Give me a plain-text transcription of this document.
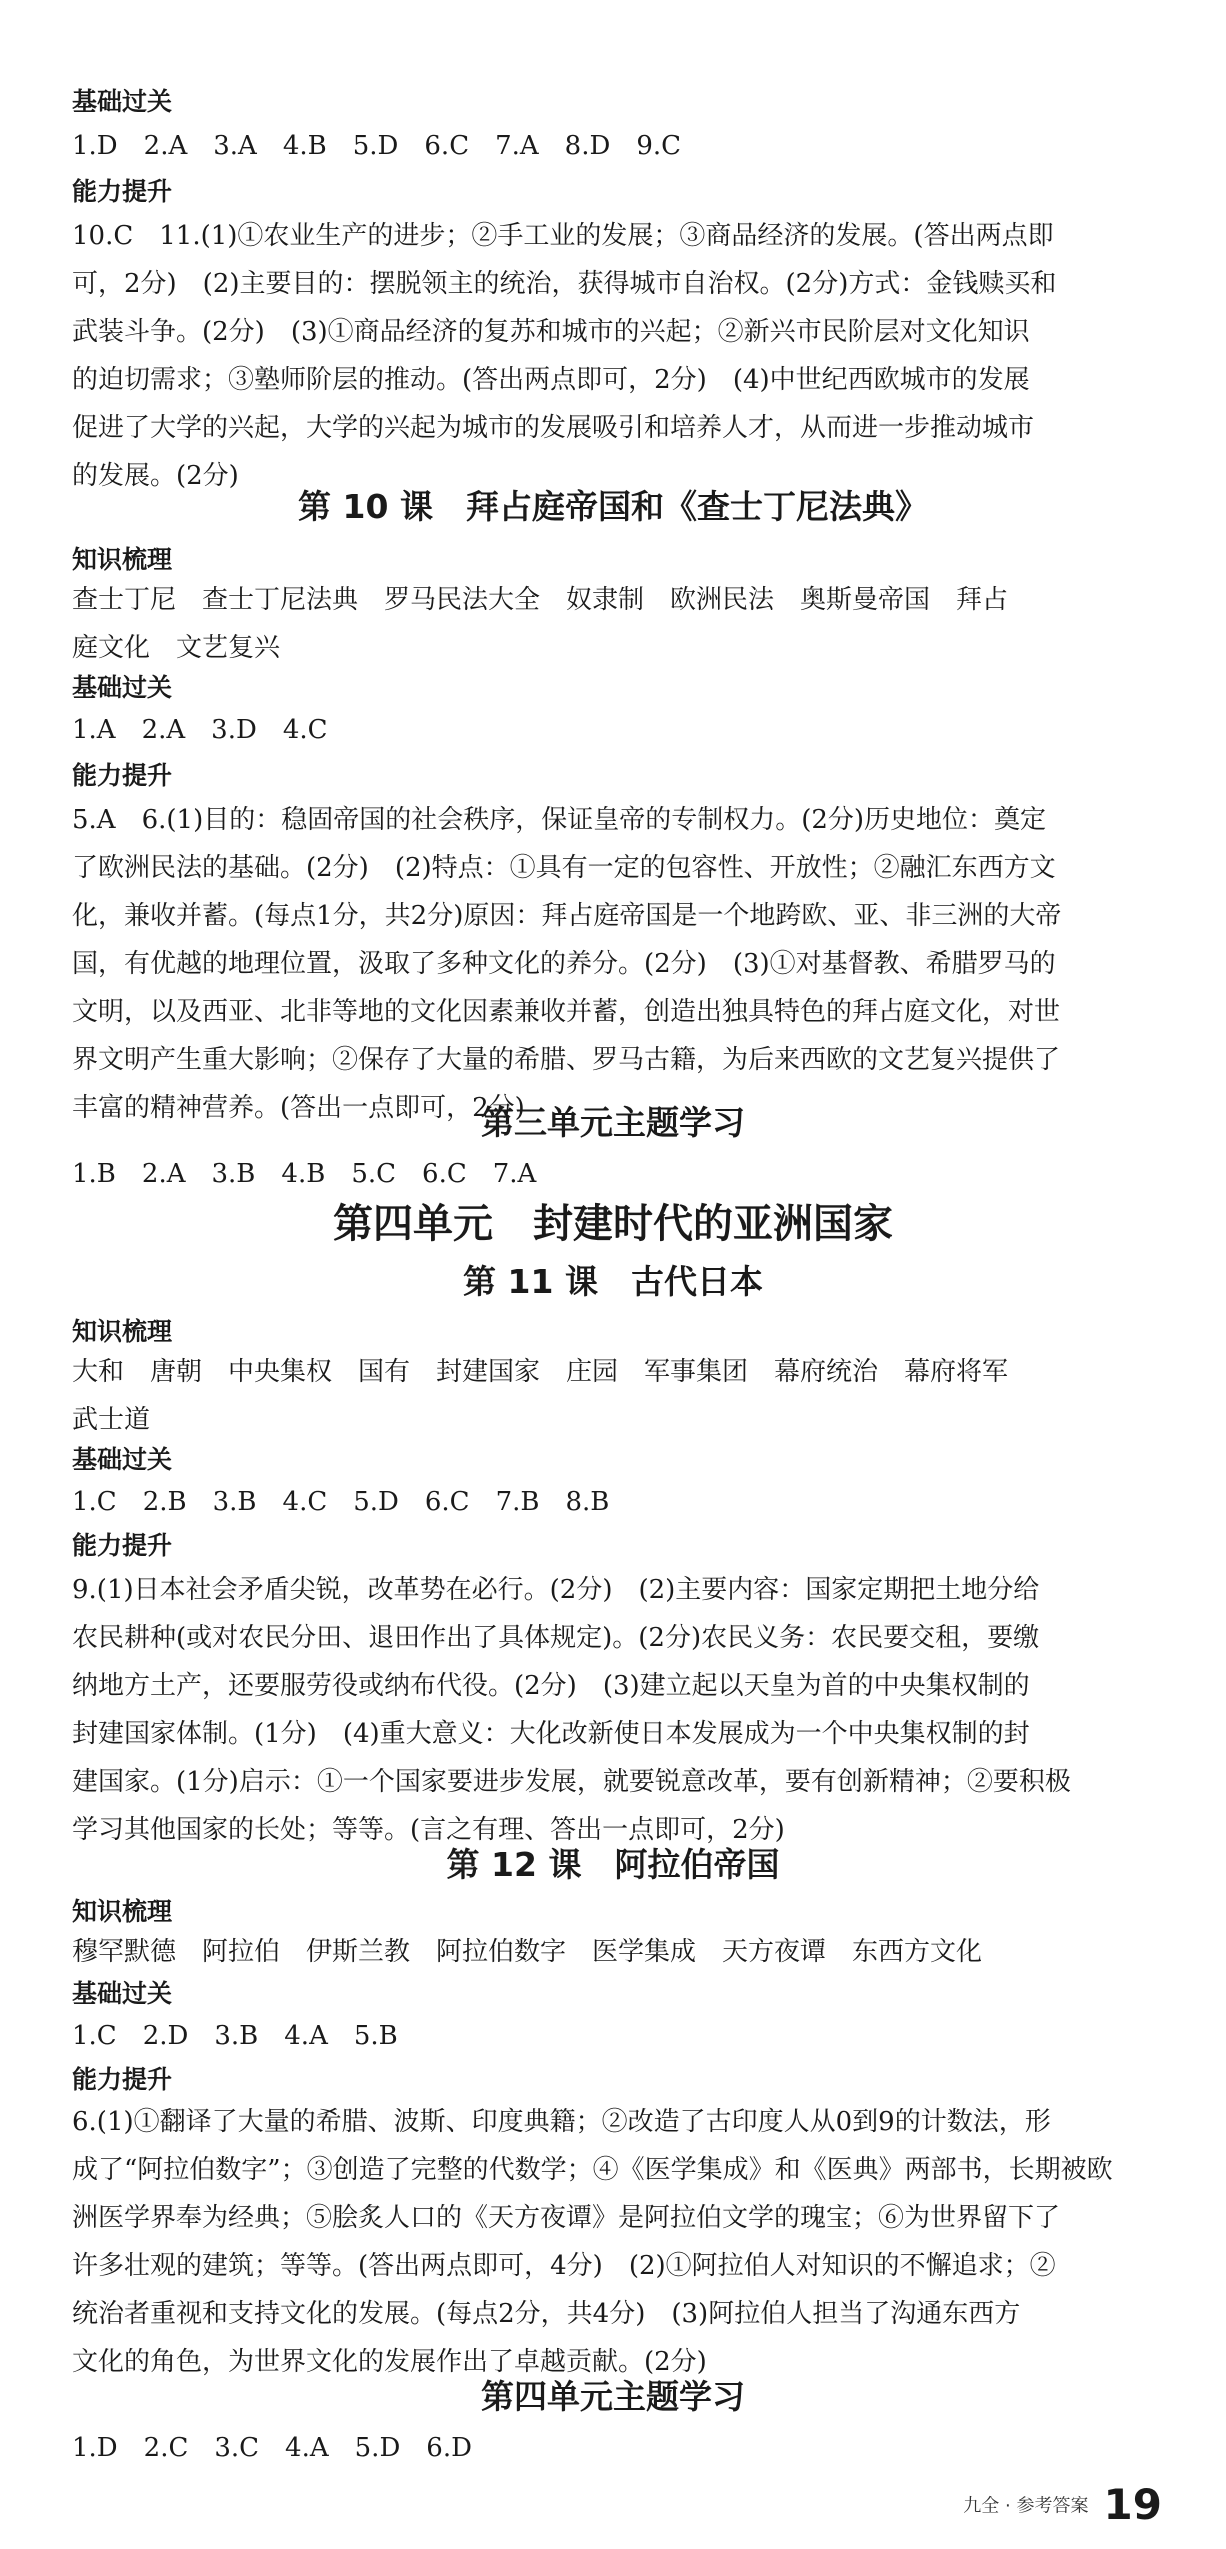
基础过关
1.D　2.A　3.A　4.B　5.D　6.C　7.A　8.D　9.C
能力提升

10.C　11.(1)①农业生产的进步；②手工业的发展；③商品经济的发展。(答出两点即

可，2分)　(2)主要目的：摆脱领主的统治，获得城市自治权。(2分)方式：金钱赎买和

武装斗争。(2分)　(3)①商品经济的复苏和城市的兴起；②新兴市民阶层对文化知识

的迫切需求；③塾师阶层的推动。(答出两点即可，2分)　(4)中世纪西欧城市的发展

促进了大学的兴起，大学的兴起为城市的发展吸引和培养人才，从而进一步推动城市

的发展。(2分)

第 10 课　拜占庭帝国和《查士丁尼法典》
知识梳理

查士丁尼　查士丁尼法典　罗马民法大全　奴隶制　欧洲民法　奥斯曼帝国　拜占

庭文化　文艺复兴

基础过关
1.A　2.A　3.D　4.C
能力提升

5.A　6.(1)目的：稳固帝国的社会秩序，保证皇帝的专制权力。(2分)历史地位：奠定

了欧洲民法的基础。(2分)　(2)特点：①具有一定的包容性、开放性；②融汇东西方文

化，兼收并蓄。(每点1分，共2分)原因：拜占庭帝国是一个地跨欧、亚、非三洲的大帝

国，有优越的地理位置，汲取了多种文化的养分。(2分)　(3)①对基督教、希腊罗马的

文明，以及西亚、北非等地的文化因素兼收并蓄，创造出独具特色的拜占庭文化，对世

界文明产生重大影响；②保存了大量的希腊、罗马古籍，为后来西欧的文艺复兴提供了

丰富的精神营养。(答出一点即可，2分)

第三单元主题学习
1.B　2.A　3.B　4.B　5.C　6.C　7.A
第四单元　封建时代的亚洲国家
第 11 课　古代日本
知识梳理

大和　唐朝　中央集权　国有　封建国家　庄园　军事集团　幕府统治　幕府将军

武士道

基础过关
1.C　2.B　3.B　4.C　5.D　6.C　7.B　8.B
能力提升

9.(1)日本社会矛盾尖锐，改革势在必行。(2分)　(2)主要内容：国家定期把土地分给

农民耕种(或对农民分田、退田作出了具体规定)。(2分)农民义务：农民要交租，要缴

纳地方土产，还要服劳役或纳布代役。(2分)　(3)建立起以天皇为首的中央集权制的

封建国家体制。(1分)　(4)重大意义：大化改新使日本发展成为一个中央集权制的封

建国家。(1分)启示：①一个国家要进步发展，就要锐意改革，要有创新精神；②要积极

学习其他国家的长处；等等。(言之有理、答出一点即可，2分)

第 12 课　阿拉伯帝国
知识梳理

穆罕默德　阿拉伯　伊斯兰教　阿拉伯数字　医学集成　天方夜谭　东西方文化

基础过关
1.C　2.D　3.B　4.A　5.B
能力提升

6.(1)①翻译了大量的希腊、波斯、印度典籍；②改造了古印度人从0到9的计数法，形

成了“阿拉伯数字”；③创造了完整的代数学；④《医学集成》和《医典》两部书，长期被欧

洲医学界奉为经典；⑤脍炙人口的《天方夜谭》是阿拉伯文学的瑰宝；⑥为世界留下了

许多壮观的建筑；等等。(答出两点即可，4分)　(2)①阿拉伯人对知识的不懈追求；②

统治者重视和支持文化的发展。(每点2分，共4分)　(3)阿拉伯人担当了沟通东西方

文化的角色，为世界文化的发展作出了卓越贡献。(2分)

第四单元主题学习
1.D　2.C　3.C　4.A　5.D　6.D
九全 · 参考答案 19
